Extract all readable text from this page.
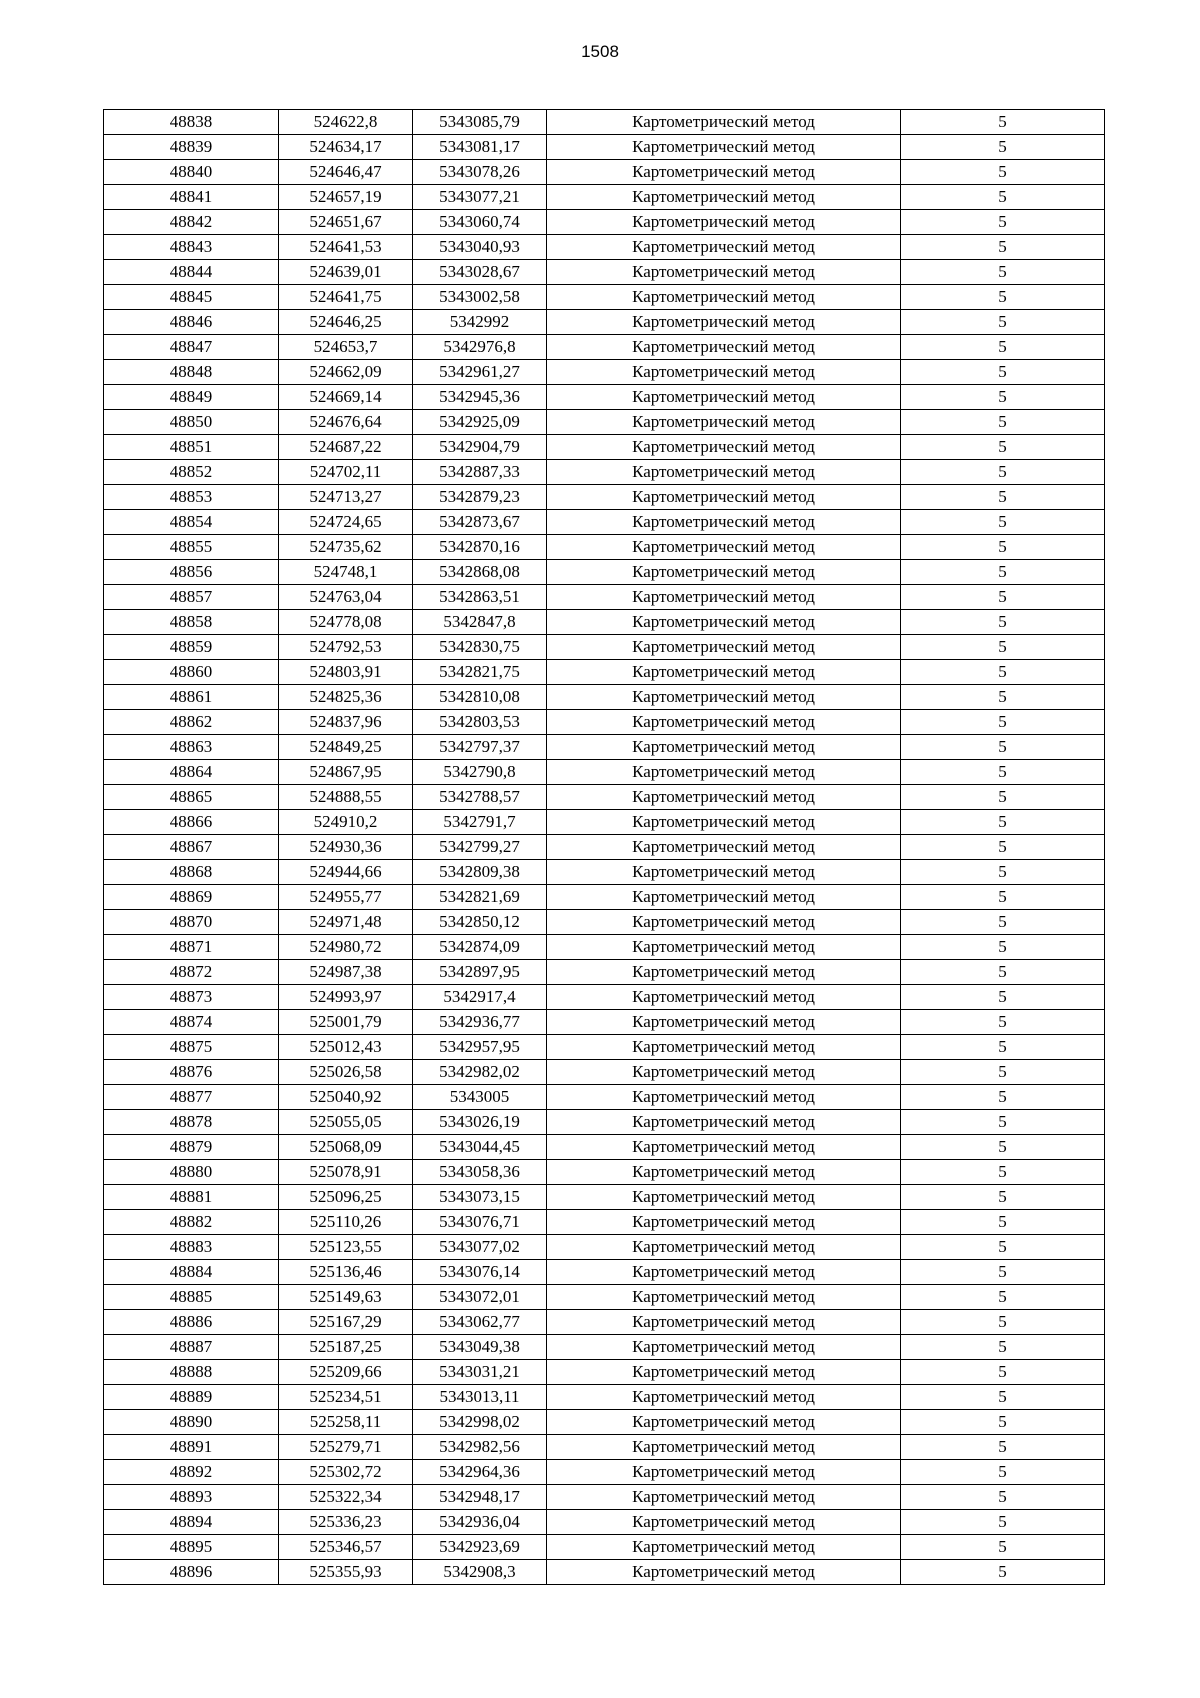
1508
48838	524622,8	5343085,79	Картометрический метод	5
48839	524634,17	5343081,17	Картометрический метод	5
48840	524646,47	5343078,26	Картометрический метод	5
48841	524657,19	5343077,21	Картометрический метод	5
48842	524651,67	5343060,74	Картометрический метод	5
48843	524641,53	5343040,93	Картометрический метод	5
48844	524639,01	5343028,67	Картометрический метод	5
48845	524641,75	5343002,58	Картометрический метод	5
48846	524646,25	5342992	Картометрический метод	5
48847	524653,7	5342976,8	Картометрический метод	5
48848	524662,09	5342961,27	Картометрический метод	5
48849	524669,14	5342945,36	Картометрический метод	5
48850	524676,64	5342925,09	Картометрический метод	5
48851	524687,22	5342904,79	Картометрический метод	5
48852	524702,11	5342887,33	Картометрический метод	5
48853	524713,27	5342879,23	Картометрический метод	5
48854	524724,65	5342873,67	Картометрический метод	5
48855	524735,62	5342870,16	Картометрический метод	5
48856	524748,1	5342868,08	Картометрический метод	5
48857	524763,04	5342863,51	Картометрический метод	5
48858	524778,08	5342847,8	Картометрический метод	5
48859	524792,53	5342830,75	Картометрический метод	5
48860	524803,91	5342821,75	Картометрический метод	5
48861	524825,36	5342810,08	Картометрический метод	5
48862	524837,96	5342803,53	Картометрический метод	5
48863	524849,25	5342797,37	Картометрический метод	5
48864	524867,95	5342790,8	Картометрический метод	5
48865	524888,55	5342788,57	Картометрический метод	5
48866	524910,2	5342791,7	Картометрический метод	5
48867	524930,36	5342799,27	Картометрический метод	5
48868	524944,66	5342809,38	Картометрический метод	5
48869	524955,77	5342821,69	Картометрический метод	5
48870	524971,48	5342850,12	Картометрический метод	5
48871	524980,72	5342874,09	Картометрический метод	5
48872	524987,38	5342897,95	Картометрический метод	5
48873	524993,97	5342917,4	Картометрический метод	5
48874	525001,79	5342936,77	Картометрический метод	5
48875	525012,43	5342957,95	Картометрический метод	5
48876	525026,58	5342982,02	Картометрический метод	5
48877	525040,92	5343005	Картометрический метод	5
48878	525055,05	5343026,19	Картометрический метод	5
48879	525068,09	5343044,45	Картометрический метод	5
48880	525078,91	5343058,36	Картометрический метод	5
48881	525096,25	5343073,15	Картометрический метод	5
48882	525110,26	5343076,71	Картометрический метод	5
48883	525123,55	5343077,02	Картометрический метод	5
48884	525136,46	5343076,14	Картометрический метод	5
48885	525149,63	5343072,01	Картометрический метод	5
48886	525167,29	5343062,77	Картометрический метод	5
48887	525187,25	5343049,38	Картометрический метод	5
48888	525209,66	5343031,21	Картометрический метод	5
48889	525234,51	5343013,11	Картометрический метод	5
48890	525258,11	5342998,02	Картометрический метод	5
48891	525279,71	5342982,56	Картометрический метод	5
48892	525302,72	5342964,36	Картометрический метод	5
48893	525322,34	5342948,17	Картометрический метод	5
48894	525336,23	5342936,04	Картометрический метод	5
48895	525346,57	5342923,69	Картометрический метод	5
48896	525355,93	5342908,3	Картометрический метод	5
